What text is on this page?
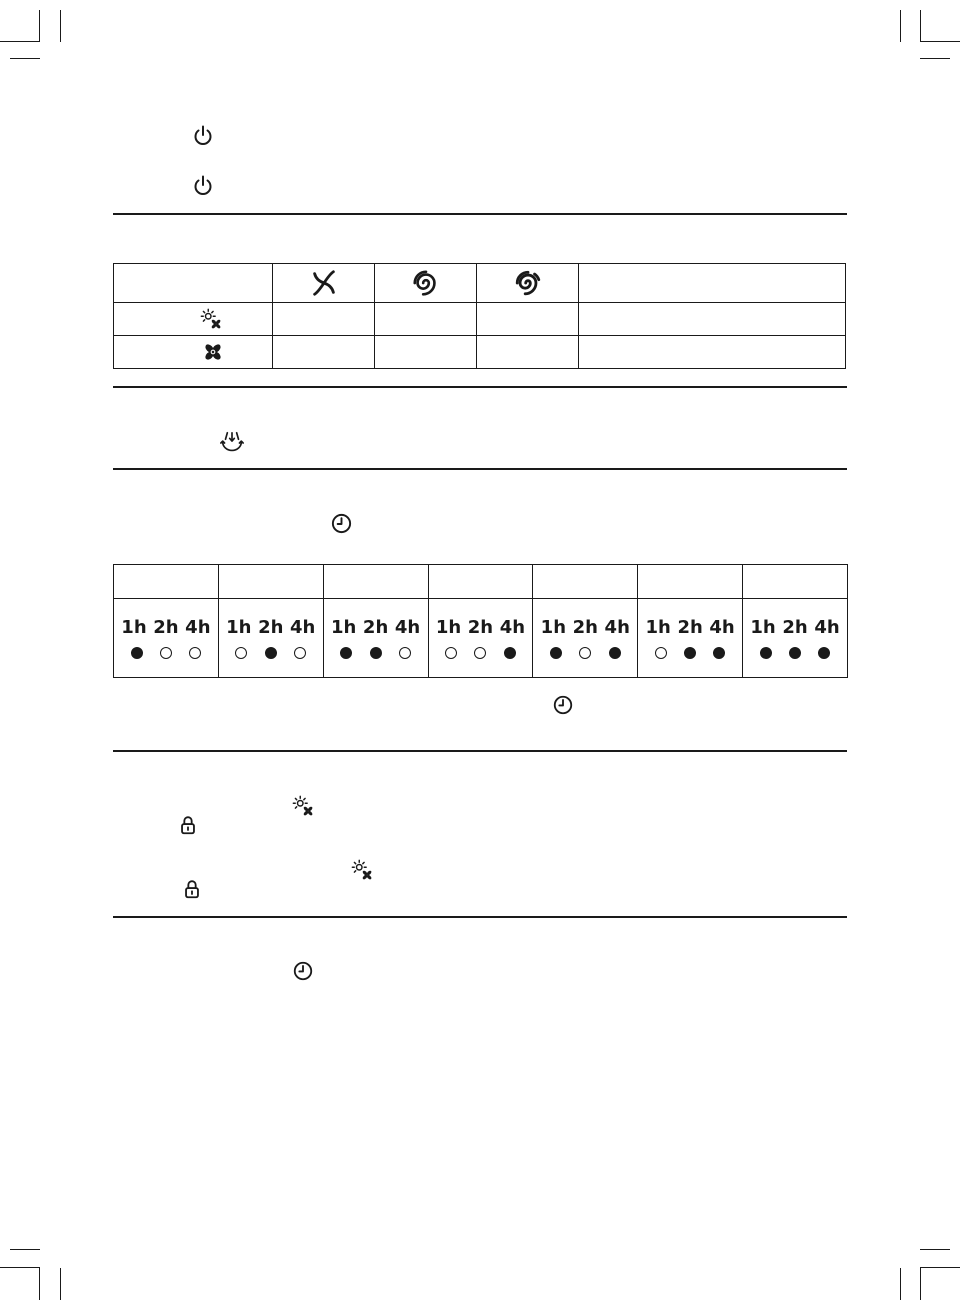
1h 2h 4h	1h 2h 4h	1h 2h 4h	1h 2h 4h	1h 2h 4h	1h 2h 4h	1h 2h 4h
